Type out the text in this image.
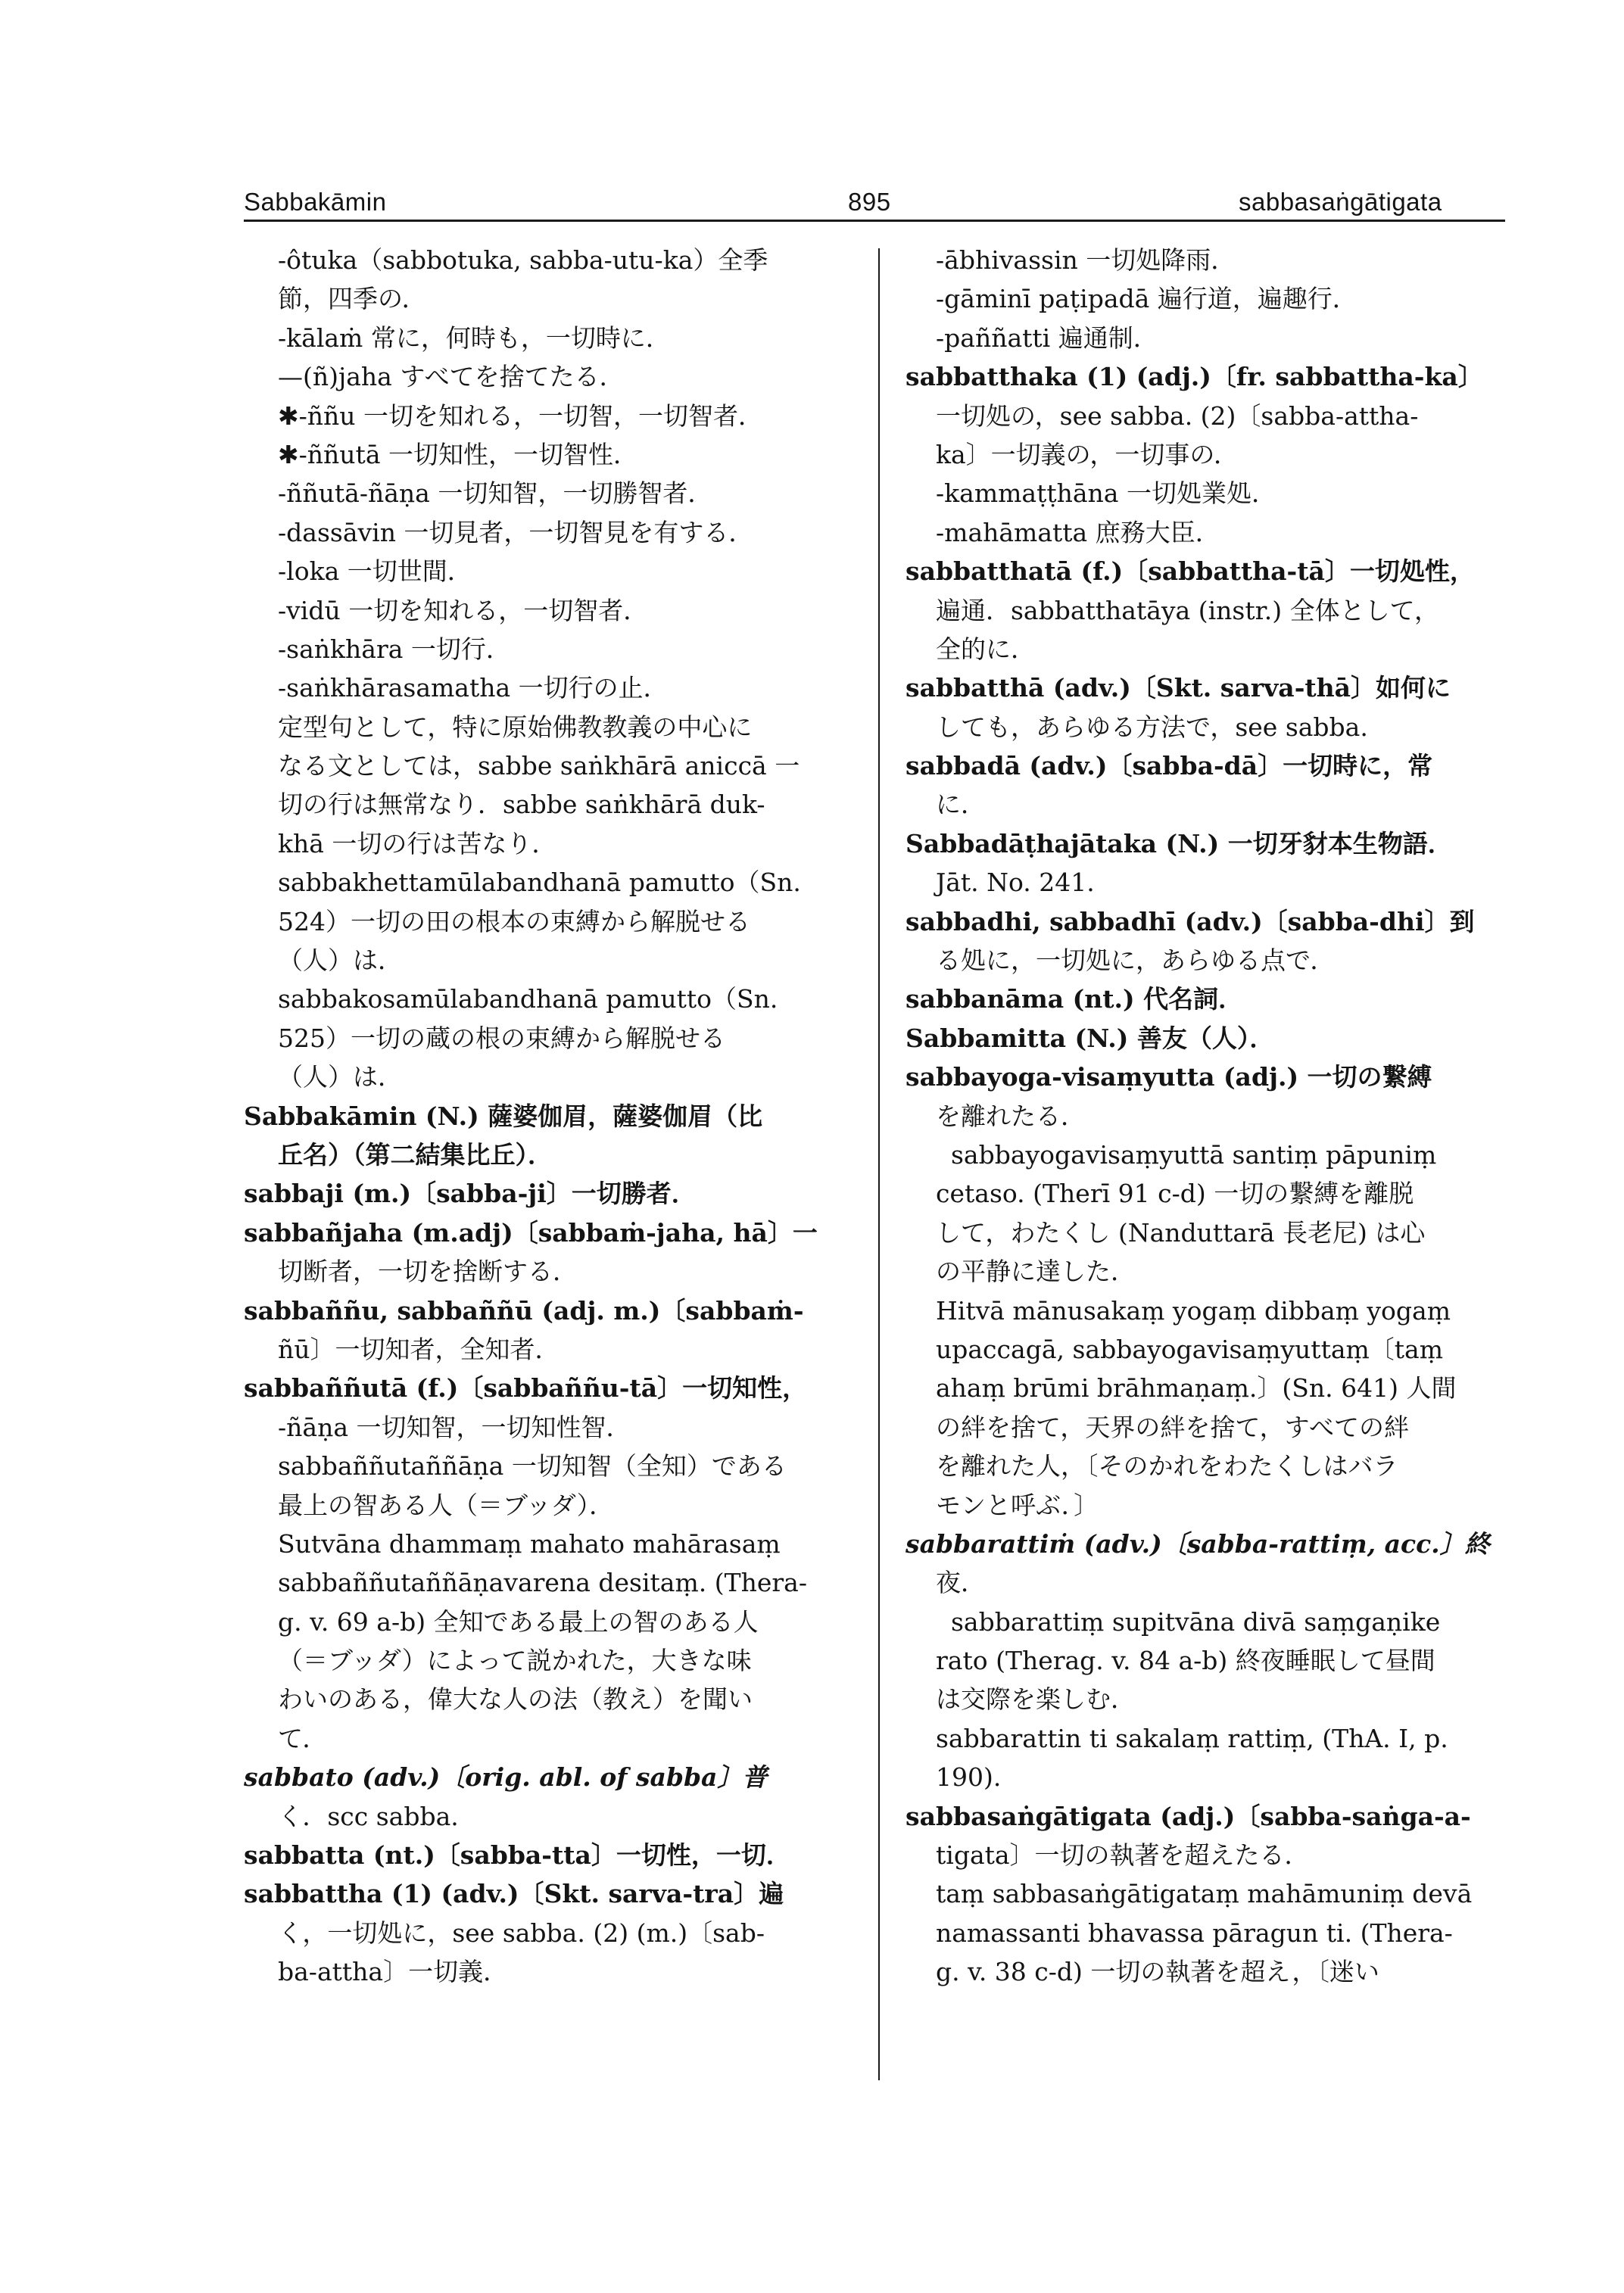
Sabbakāmin	895	sabbasaṅgātigata
-ôtuka（sabbotuka, sabba-utu-ka）全季
節，四季の．
-kālaṁ 常に，何時も，一切時に．
—(ñ)jaha すべてを捨てたる．
✱-ññu 一切を知れる，一切智，一切智者．
✱-ññutā 一切知性，一切智性．
-ññutā-ñāṇa 一切知智，一切勝智者．
-dassāvin 一切見者，一切智見を有する．
-loka 一切世間．
-vidū 一切を知れる，一切智者．
-saṅkhāra 一切行．
-saṅkhārasamatha 一切行の止．
定型句として，特に原始佛教教義の中心に
なる文としては，sabbe saṅkhārā aniccā 一
切の行は無常なり．sabbe saṅkhārā duk-
khā 一切の行は苦なり．
sabbakhettamūlabandhanā pamutto（Sn.
524）一切の田の根本の束縛から解脱せる
（人）は．
sabbakosamūlabandhanā pamutto（Sn.
525）一切の蔵の根の束縛から解脱せる
（人）は．
Sabbakāmin (N.) 薩婆伽眉，薩婆伽眉（比
丘名）（第二結集比丘）．
sabbaji (m.)〔sabba-ji〕一切勝者．
sabbañjaha (m.adj)〔sabbaṁ-jaha, hā〕一
切断者，一切を捨断する．
sabbaññu, sabbaññū (adj. m.)〔sabbaṁ-
ñū〕一切知者，全知者．
sabbaññutā (f.)〔sabbaññu-tā〕一切知性，
-ñāṇa 一切知智，一切知性智．
sabbaññutaññāṇa 一切知智（全知）である
最上の智ある人（＝ブッダ）．
Sutvāna dhammaṃ mahato mahārasaṃ
sabbaññutaññāṇavarena desitaṃ. (Thera-
g. v. 69 a-b) 全知である最上の智のある人
（＝ブッダ）によって説かれた，大きな味
わいのある，偉大な人の法（教え）を聞い
て．
sabbato (adv.)〔orig. abl. of sabba〕普
く．scc sabba.
sabbatta (nt.)〔sabba-tta〕一切性，一切．
sabbattha (1) (adv.)〔Skt. sarva-tra〕遍
く，一切処に，see sabba. (2) (m.)〔sab-
ba-attha〕一切義．
-ābhivassin 一切処降雨．
-gāminī paṭipadā 遍行道，遍趣行．
-paññatti 遍通制．
sabbatthaka (1) (adj.)〔fr. sabbattha-ka〕
一切処の，see sabba. (2)〔sabba-attha-
ka〕一切義の，一切事の．
-kammaṭṭhāna 一切処業処．
-mahāmatta 庶務大臣．
sabbatthatā (f.)〔sabbattha-tā〕一切処性，
遍通．sabbatthatāya (instr.) 全体として，
全的に．
sabbatthā (adv.)〔Skt. sarva-thā〕如何に
しても，あらゆる方法で，see sabba.
sabbadā (adv.)〔sabba-dā〕一切時に，常
に．
Sabbadāṭhajātaka (N.) 一切牙豺本生物語．
Jāt. No. 241.
sabbadhi, sabbadhī (adv.)〔sabba-dhi〕到
る処に，一切処に，あらゆる点で．
sabbanāma (nt.) 代名詞．
Sabbamitta (N.) 善友（人）．
sabbayoga-visaṃyutta (adj.) 一切の繋縛
を離れたる．
sabbayogavisaṃyuttā santiṃ pāpuniṃ
cetaso. (Therī 91 c-d) 一切の繋縛を離脱
して，わたくし (Nanduttarā 長老尼) は心
の平静に達した．
Hitvā mānusakaṃ yogaṃ dibbaṃ yogaṃ
upaccagā, sabbayogavisaṃyuttaṃ〔taṃ
ahaṃ brūmi brāhmaṇaṃ.〕(Sn. 641) 人間
の絆を捨て，天界の絆を捨て，すべての絆
を離れた人，〔そのかれをわたくしはバラ
モンと呼ぶ．〕
sabbarattiṁ (adv.)〔sabba-rattiṃ, acc.〕終
夜．
sabbarattiṃ supitvāna divā saṃgaṇike
rato (Therag. v. 84 a-b) 終夜睡眠して昼間
は交際を楽しむ．
sabbarattin ti sakalaṃ rattiṃ, (ThA. I, p.
190).
sabbasaṅgātigata (adj.)〔sabba-saṅga-a-
tigata〕一切の執著を超えたる．
taṃ sabbasaṅgātigataṃ mahāmuniṃ devā
namassanti bhavassa pāragun ti. (Thera-
g. v. 38 c-d) 一切の執著を超え，〔迷い
